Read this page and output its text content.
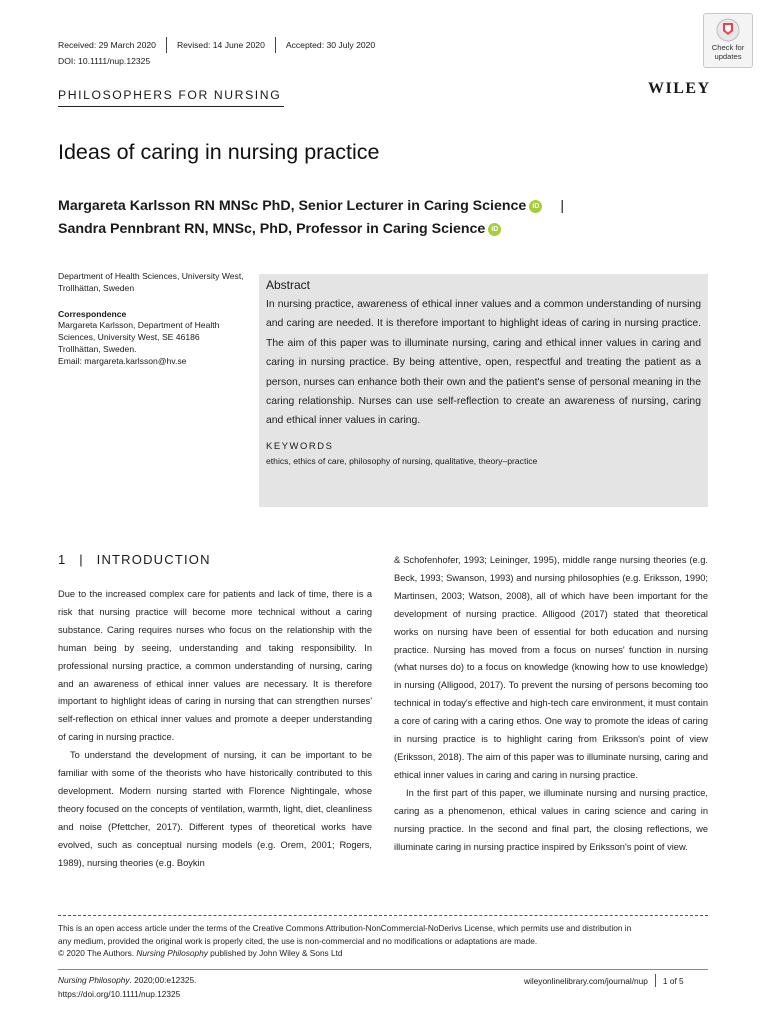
Received: 29 March 2020 Revised: 14 June 2020 Accepted: 30 July 2020
DOI: 10.1111/nup.12325
Check for
updates
PHILOSOPHERS FOR NURSING	WILEY
Ideas of caring in nursing practice
Margareta Karlsson RN MNSc PhD, Senior Lecturer in Caring Science iD |
Sandra Pennbrant RN, MNSc, PhD, Professor in Caring Science iD
Department of Health Sciences, University West, Trollhättan, Sweden
Correspondence
Margareta Karlsson, Department of Health
Sciences, University West, SE 46186
Trollhättan, Sweden.
Email: margareta.karlsson@hv.se
Abstract
In nursing practice, awareness of ethical inner values and a common understanding of nursing and caring are needed. It is therefore important to highlight ideas of caring in nursing practice. The aim of this paper was to illuminate nursing, caring and ethical inner values in caring and caring in nursing practice. By being attentive, open, respectful and treating the patient as a person, nurses can enhance both their own and the patient's sense of personal meaning in the caring relationship. Nurses can use self-reflection to create an awareness of nursing, caring and ethical inner values in caring.
KEYWORDS
ethics, ethics of care, philosophy of nursing, qualitative, theory–practice
1 | INTRODUCTION

Due to the increased complex care for patients and lack of time, there is a risk that nursing practice will become more technical without a caring substance. Caring requires nurses who focus on the relationship with the human being by seeing, understanding and taking responsibility. In professional nursing practice, a common understanding of nursing, caring and an awareness of ethical inner values are necessary. It is therefore important to highlight ideas of caring in nursing that can strengthen nurses' self-reflection on ethical inner values and promote a deeper understanding of caring in nursing practice.

To understand the development of nursing, it can be important to be familiar with some of the theorists who have historically contributed to this development. Modern nursing started with Florence Nightingale, whose theory focused on the concepts of ventilation, warmth, light, diet, cleanliness and noise (Pfettcher, 2017). Different types of theoretical works have evolved, such as conceptual nursing models (e.g. Orem, 2001; Rogers, 1989), nursing theories (e.g. Boykin

& Schofenhofer, 1993; Leininger, 1995), middle range nursing theories (e.g. Beck, 1993; Swanson, 1993) and nursing philosophies (e.g. Eriksson, 1990; Martinsen, 2003; Watson, 2008), all of which have been important for the development of nursing practice. Alligood (2017) stated that theoretical works on nursing have been of essential for both education and nursing practice. Nursing has moved from a focus on nurses' function in nursing (what nurses do) to a focus on knowledge (knowing how to use knowledge) in nursing (Alligood, 2017). To prevent the nursing of persons becoming too technical in today's effective and high-tech care environment, it must contain a core of caring with a caring ethos. One way to promote the ideas of caring in nursing practice is to highlight caring from Eriksson's point of view (Eriksson, 2018). The aim of this paper was to illuminate nursing, caring and ethical inner values in caring and caring in nursing practice.

In the first part of this paper, we illuminate nursing and nursing practice, caring as a phenomenon, ethical values in caring science and caring in nursing practice. In the second and final part, the closing reflections, we illuminate caring in nursing practice inspired by Eriksson's point of view.

This is an open access article under the terms of the Creative Commons Attribution-NonCommercial-NoDerivs License, which permits use and distribution in
any medium, provided the original work is properly cited, the use is non-commercial and no modifications or adaptations are made.
© 2020 The Authors. Nursing Philosophy published by John Wiley & Sons Ltd
Nursing Philosophy. 2020;00:e12325.
https://doi.org/10.1111/nup.12325
wileyonlinelibrary.com/journal/nup 1 of 5
